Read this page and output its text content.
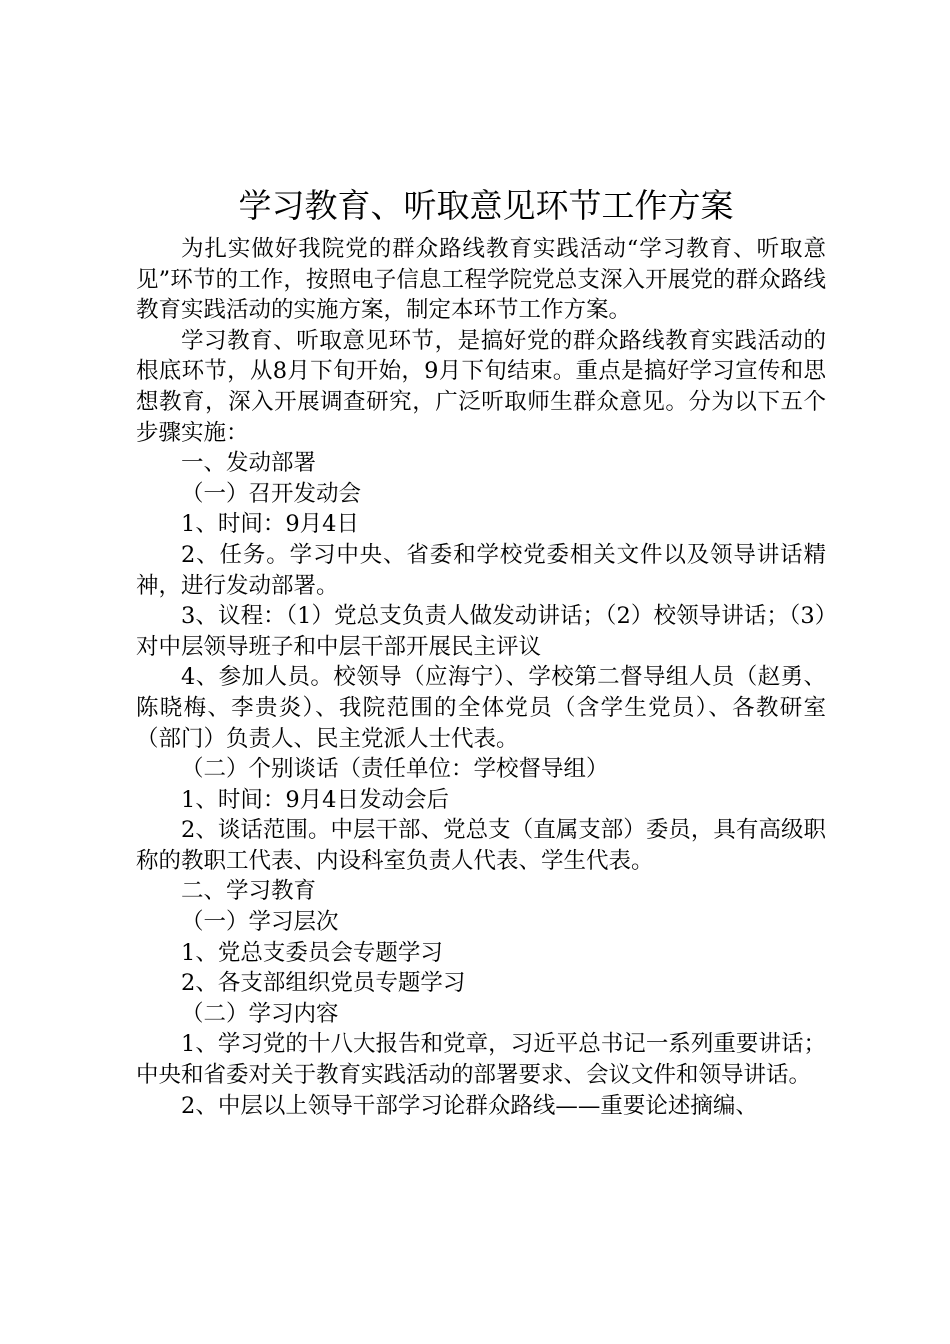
学习教育、听取意见环节工作方案

为扎实做好我院党的群众路线教育实践活动“学习教育、听取意见”环节的工作，按照电子信息工程学院党总支深入开展党的群众路线教育实践活动的实施方案，制定本环节工作方案。

学习教育、听取意见环节，是搞好党的群众路线教育实践活动的根底环节，从8月下旬开始，9月下旬结束。重点是搞好学习宣传和思想教育，深入开展调查研究，广泛听取师生群众意见。分为以下五个步骤实施：

一、发动部署

（一）召开发动会

1、时间：9月4日

2、任务。学习中央、省委和学校党委相关文件以及领导讲话精神，进行发动部署。

3、议程：（1）党总支负责人做发动讲话；（2）校领导讲话；（3）对中层领导班子和中层干部开展民主评议

4、参加人员。校领导（应海宁）、学校第二督导组人员（赵勇、陈晓梅、李贵炎）、我院范围的全体党员（含学生党员）、各教研室（部门）负责人、民主党派人士代表。

（二）个别谈话（责任单位：学校督导组）

1、时间：9月4日发动会后

2、谈话范围。中层干部、党总支（直属支部）委员，具有高级职称的教职工代表、内设科室负责人代表、学生代表。

二、学习教育

（一）学习层次

1、党总支委员会专题学习

2、各支部组织党员专题学习

（二）学习内容

1、学习党的十八大报告和党章，习近平总书记一系列重要讲话；中央和省委对关于教育实践活动的部署要求、会议文件和领导讲话。

2、中层以上领导干部学习论群众路线——重要论述摘编、
